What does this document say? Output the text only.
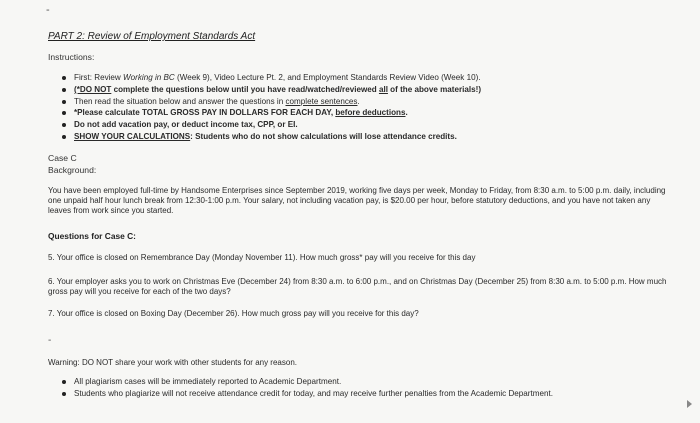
-

PART 2: Review of Employment Standards Act

Instructions:
First: Review Working in BC (Week 9), Video Lecture Pt. 2, and Employment Standards Review Video (Week 10).
(*DO NOT complete the questions below until you have read/watched/reviewed all of the above materials!)
Then read the situation below and answer the questions in complete sentences.
*Please calculate TOTAL GROSS PAY IN DOLLARS FOR EACH DAY, before deductions.
Do not add vacation pay, or deduct income tax, CPP, or EI.
SHOW YOUR CALCULATIONS: Students who do not show calculations will lose attendance credits.
Case C
Background:

You have been employed full-time by Handsome Enterprises since September 2019, working five days per week, Monday to Friday, from 8:30 a.m. to 5:00 p.m. daily, including

one unpaid half hour lunch break from 12:30-1:00 p.m. Your salary, not including vacation pay, is $20.00 per hour, before statutory deductions, and you have not taken any

leaves from work since you started.

Questions for Case C:

5. Your office is closed on Remembrance Day (Monday November 11). How much gross* pay will you receive for this day

6. Your employer asks you to work on Christmas Eve (December 24) from 8:30 a.m. to 6:00 p.m., and on Christmas Day (December 25) from 8:30 a.m. to 5:00 p.m. How much

gross pay will you receive for each of the two days?

7. Your office is closed on Boxing Day (December 26). How much gross pay will you receive for this day?

-

Warning: DO NOT share your work with other students for any reason.

All plagiarism cases will be immediately reported to Academic Department.
Students who plagiarize will not receive attendance credit for today, and may receive further penalties from the Academic Department.
